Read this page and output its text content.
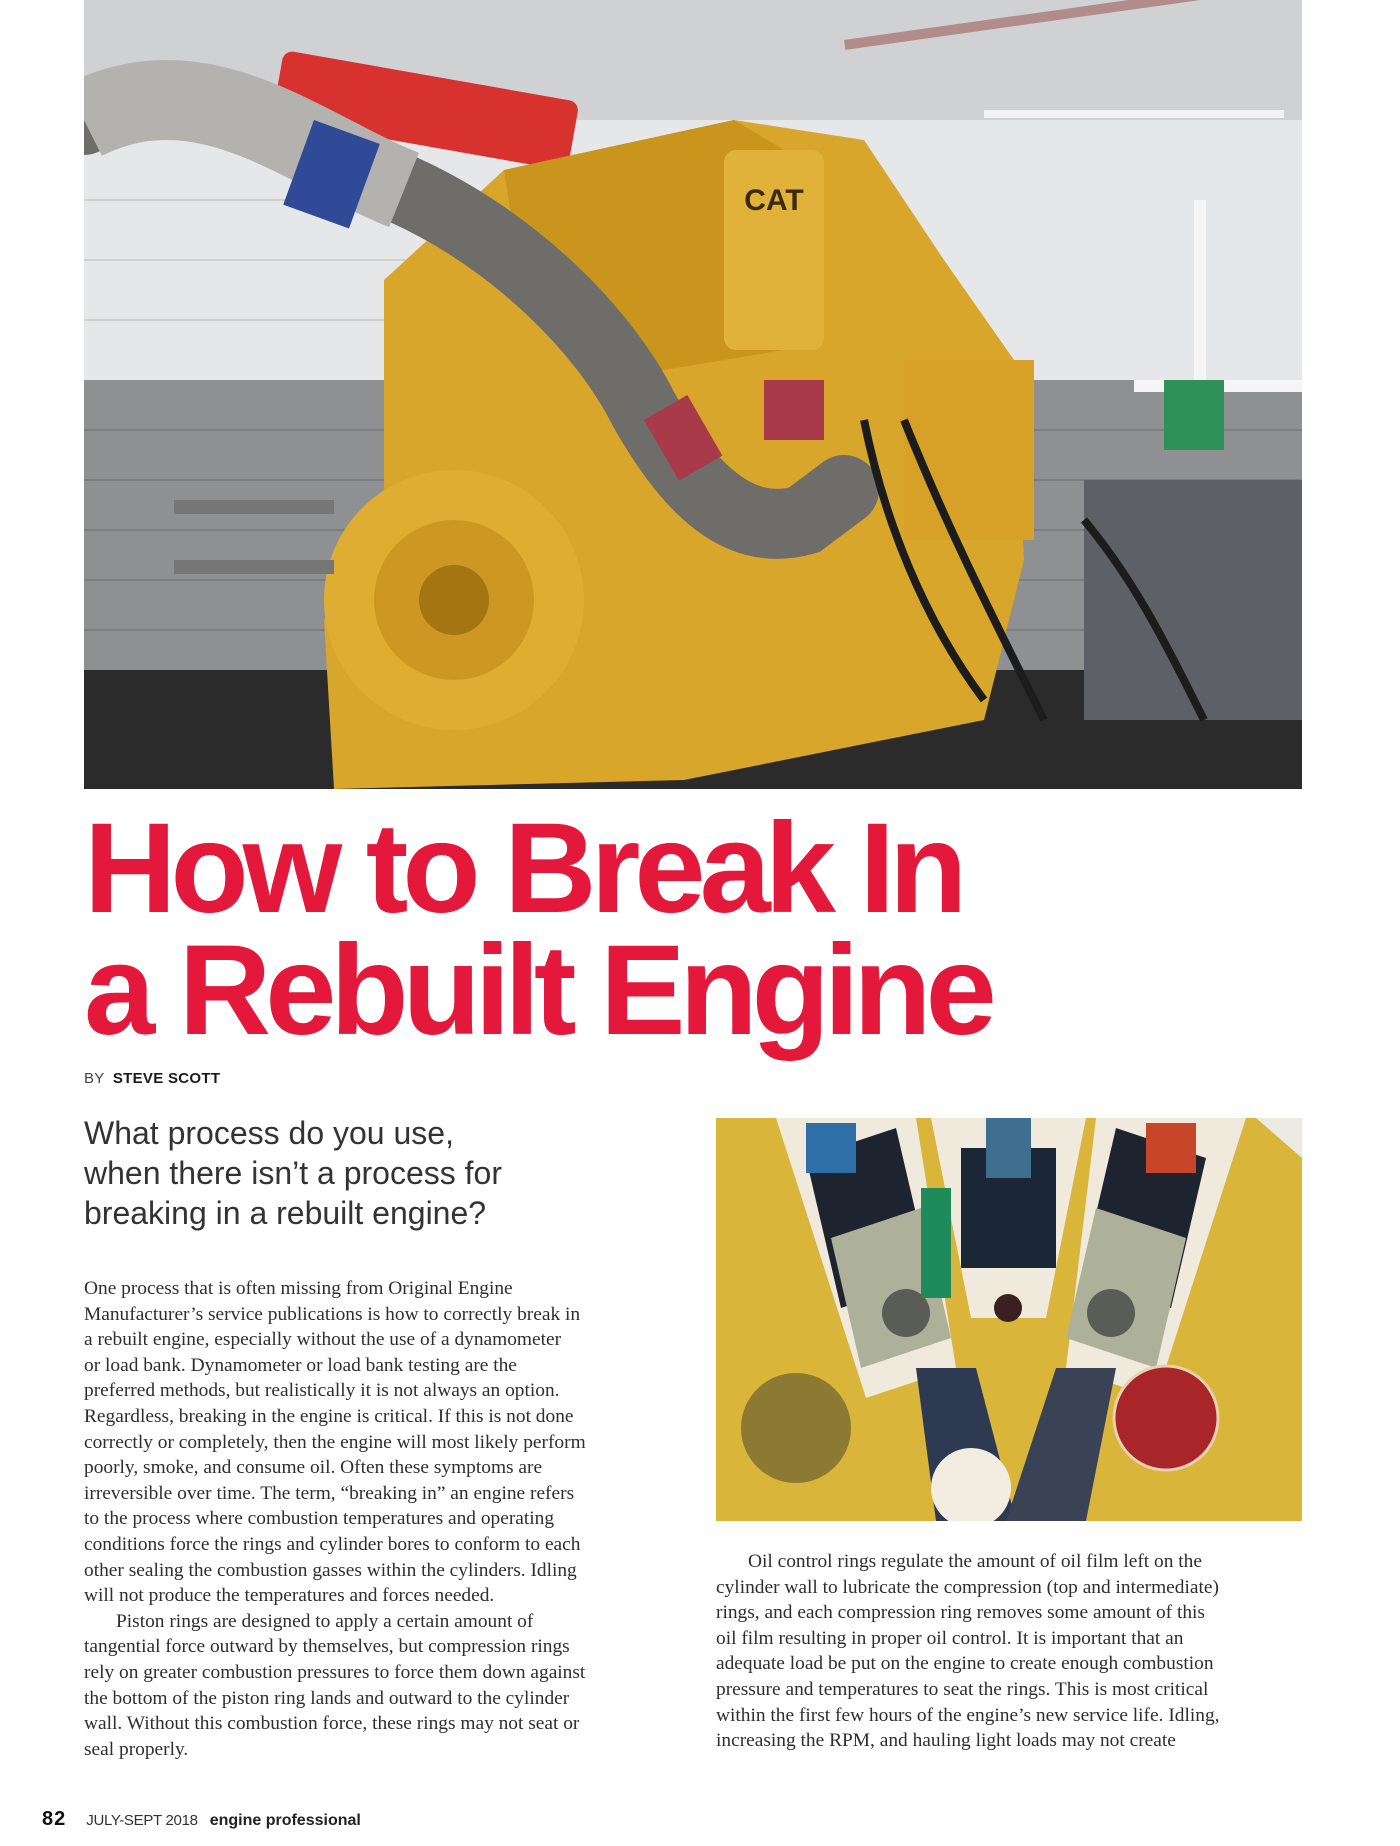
CAT
How to Break In
a Rebuilt Engine
BY STEVE SCOTT
What process do you use,
when there isn’t a process for
breaking in a rebuilt engine?

One process that is often missing from Original Engine
Manufacturer’s service publications is how to correctly break in
a rebuilt engine, especially without the use of a dynamometer
or load bank. Dynamometer or load bank testing are the
preferred methods, but realistically it is not always an option.
Regardless, breaking in the engine is critical. If this is not done
correctly or completely, then the engine will most likely perform
poorly, smoke, and consume oil. Often these symptoms are
irreversible over time. The term, “breaking in” an engine refers
to the process where combustion temperatures and operating
conditions force the rings and cylinder bores to conform to each
other sealing the combustion gasses within the cylinders. Idling
will not produce the temperatures and forces needed.

Piston rings are designed to apply a certain amount of
tangential force outward by themselves, but compression rings
rely on greater combustion pressures to force them down against
the bottom of the piston ring lands and outward to the cylinder
wall. Without this combustion force, these rings may not seat or
seal properly.

Oil control rings regulate the amount of oil film left on the
cylinder wall to lubricate the compression (top and intermediate)
rings, and each compression ring removes some amount of this
oil film resulting in proper oil control. It is important that an
adequate load be put on the engine to create enough combustion
pressure and temperatures to seat the rings. This is most critical
within the first few hours of the engine’s new service life. Idling,
increasing the RPM, and hauling light loads may not create

82 JULY-SEPT 2018 engine professional
